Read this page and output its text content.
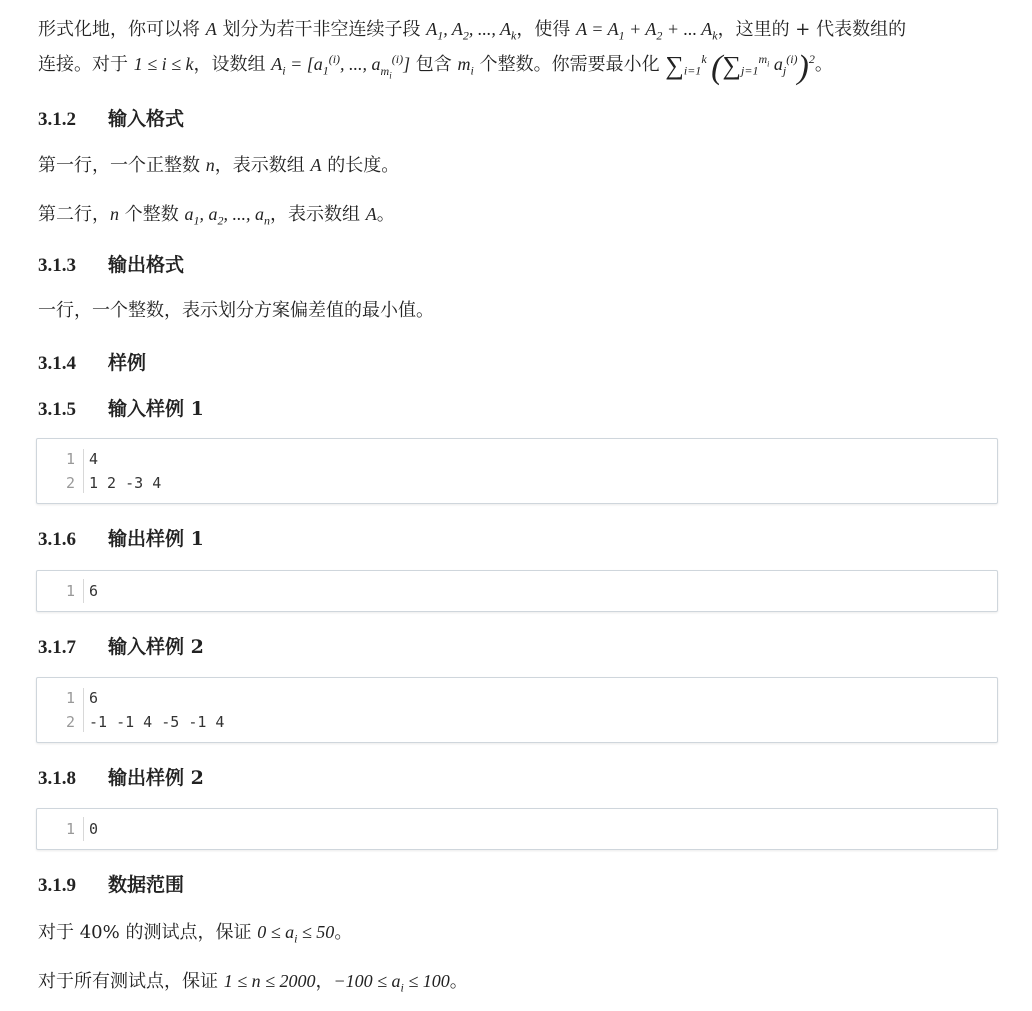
形式化地，你可以将 A 划分为若干非空连续子段 $A_1$, $A_2$, ..., $A_k$，使得 $A = A_1 + A_2$ + ... $A_k$，这里的 + 代表数组的

连接。对于 1 ≤ i ≤ k，设数组 $A_i = [a_1^{(i)}$, ..., $a_{m_i}^{(i)}$] 包含 $m_i$ 个整数。你需要最小化 $\sum_{i=1}^k$ ($\sum_{j=1}^{m_i}$ $a_j^{(i)})^2$。

3.1.2 输入格式

第一行，一个正整数 n，表示数组 A 的长度。

第二行，n 个整数 $a_1$, $a_2$, ..., $a_n$，表示数组 A。

3.1.3 输出格式

一行，一个整数，表示划分方案偏差值的最小值。

3.1.4 样例
3.1.5 输入样例 1
1 4
2 1 2 -3 4
3.1.6 输出样例 1
1 6
3.1.7 输入样例 2
1 6
2 -1 -1 4 -5 -1 4
3.1.8 输出样例 2
1 0
3.1.9 数据范围

对于 40% 的测试点，保证 $0 \le a_i \le 50$。

对于所有测试点，保证 1 ≤ n ≤ 2000，$-100 \le a_i \le 100$。
